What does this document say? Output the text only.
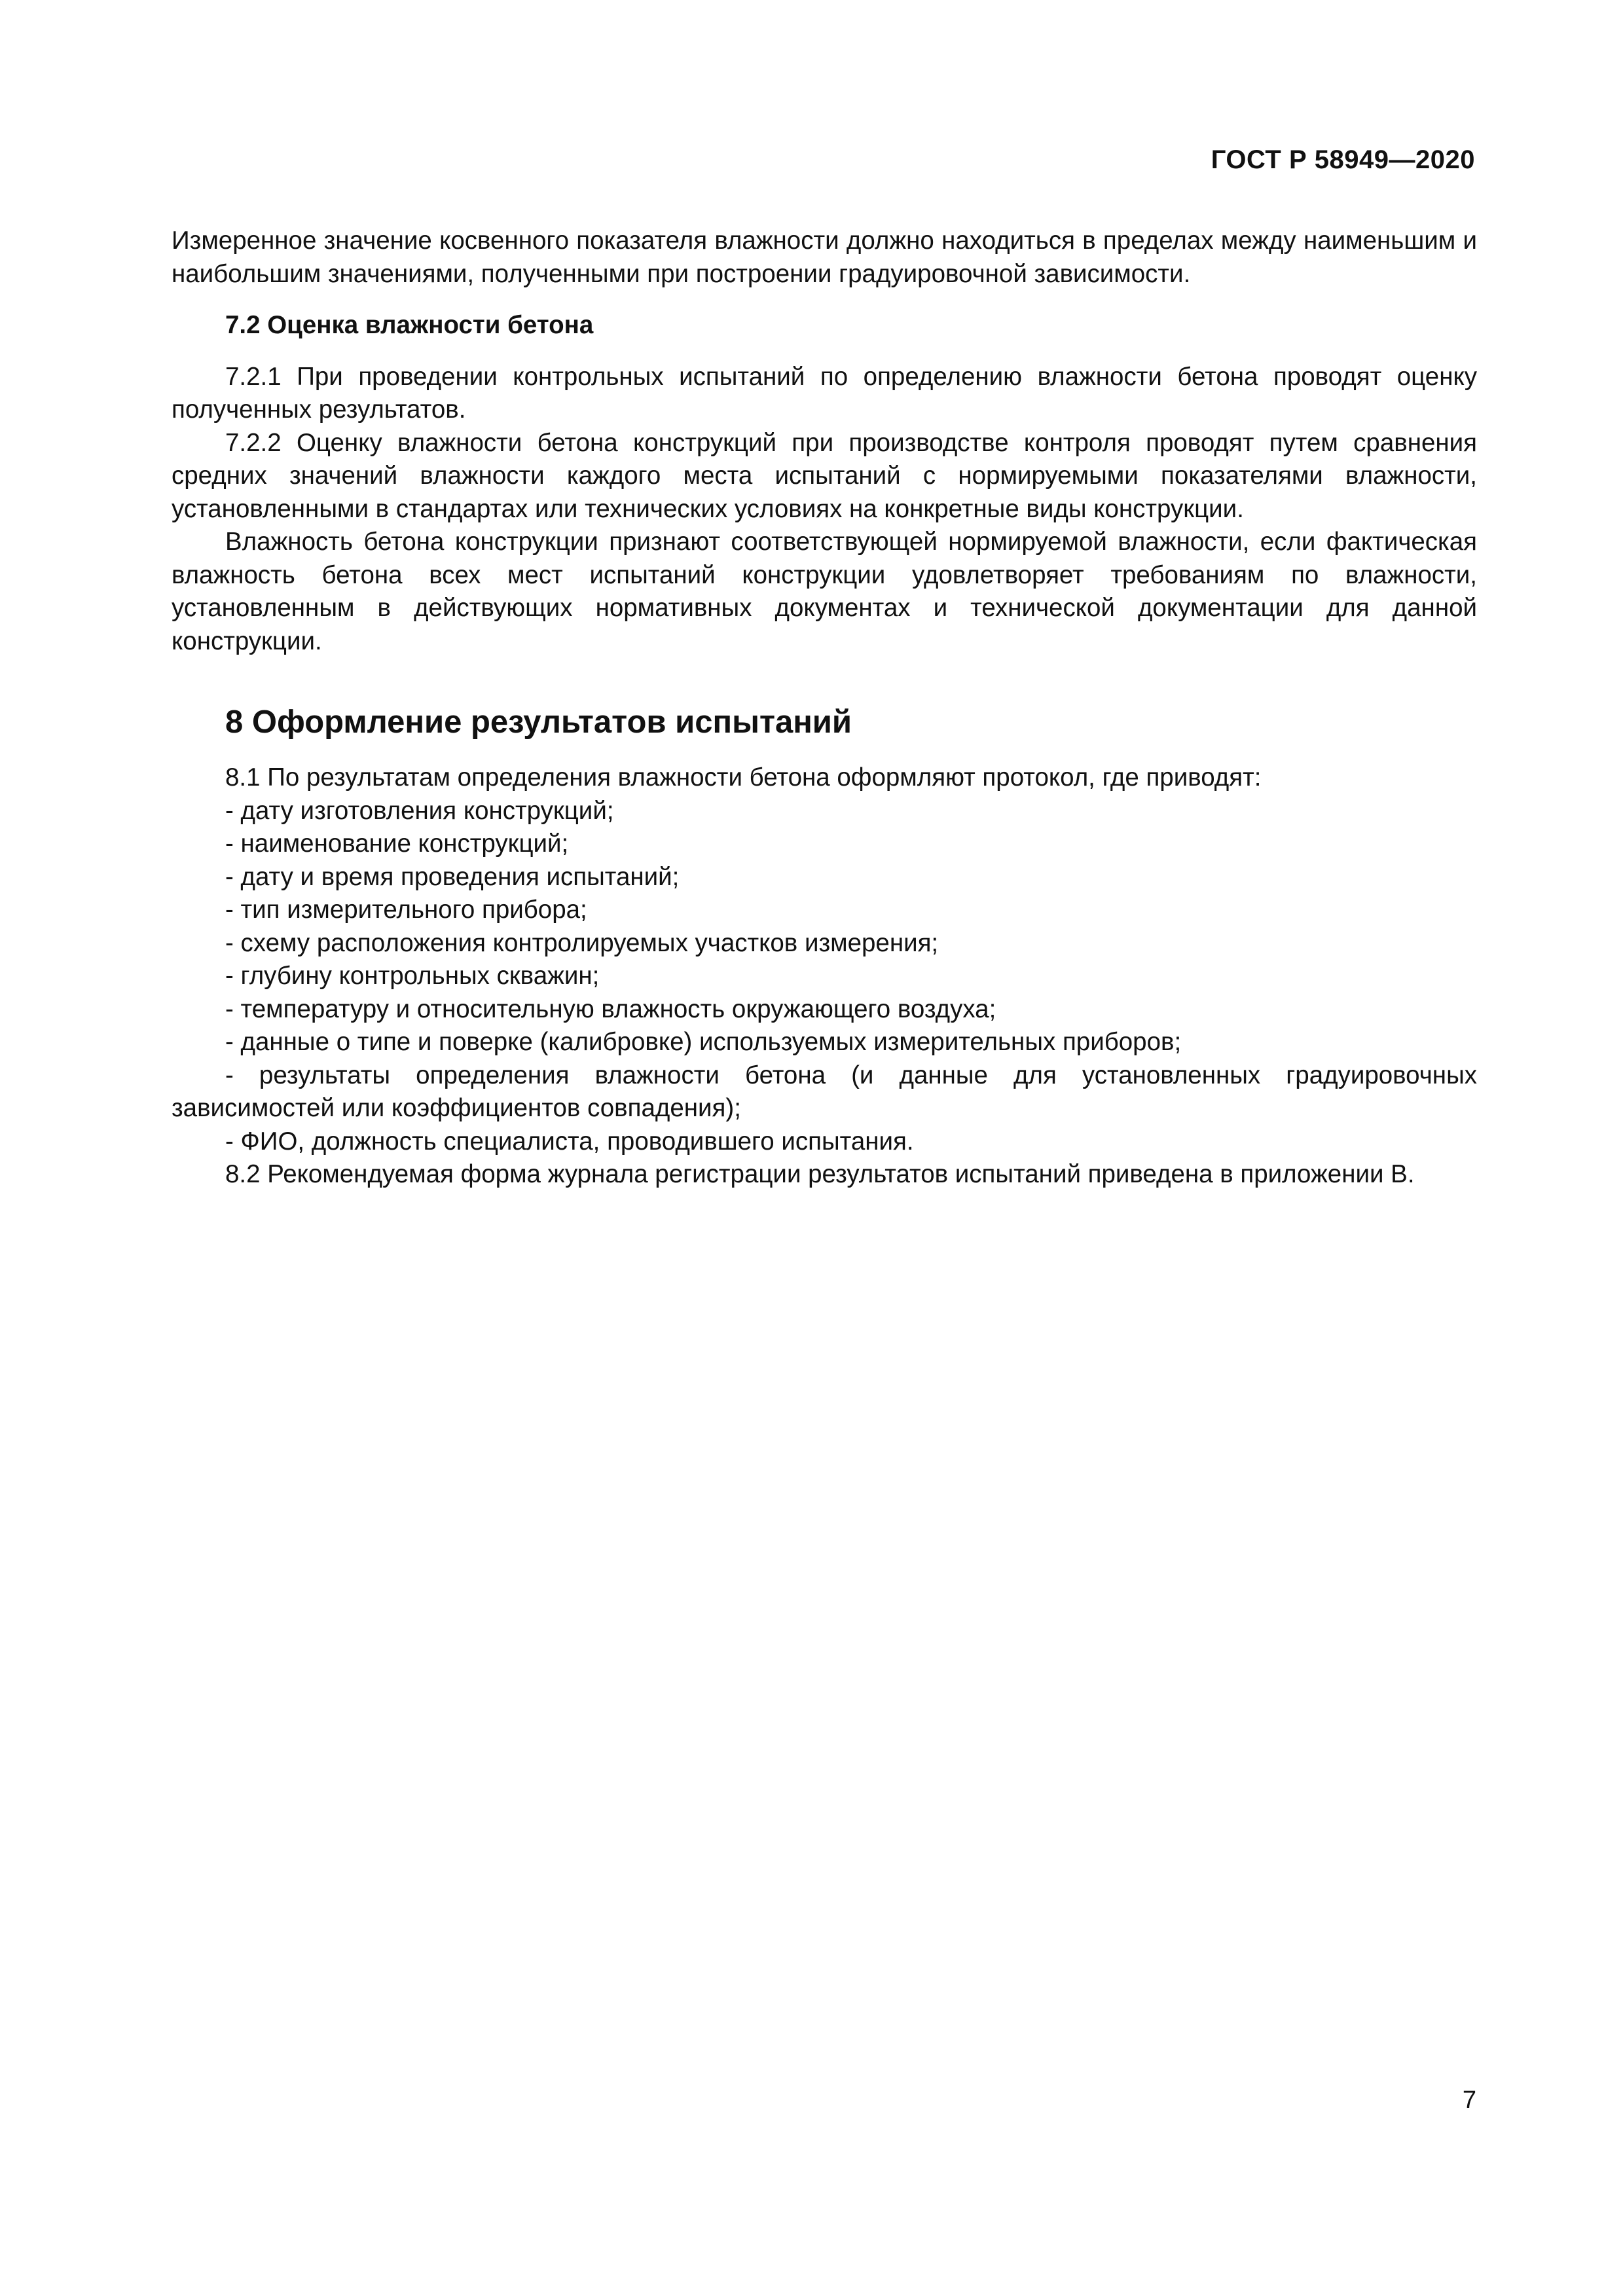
ГОСТ Р 58949—2020

Измеренное значение косвенного показателя влажности должно находиться в пределах между наименьшим и наибольшим значениями, полученными при построении градуировочной зависимости.

7.2 Оценка влажности бетона

7.2.1 При проведении контрольных испытаний по определению влажности бетона проводят оценку полученных результатов.

7.2.2 Оценку влажности бетона конструкций при производстве контроля проводят путем сравнения средних значений влажности каждого места испытаний с нормируемыми показателями влажности, установленными в стандартах или технических условиях на конкретные виды конструкции.

Влажность бетона конструкции признают соответствующей нормируемой влажности, если фактическая влажность бетона всех мест испытаний конструкции удовлетворяет требованиям по влажности, установленным в действующих нормативных документах и технической документации для данной конструкции.

8 Оформление результатов испытаний

8.1 По результатам определения влажности бетона оформляют протокол, где приводят:

- дату изготовления конструкций;

- наименование конструкций;

- дату и время проведения испытаний;

- тип измерительного прибора;

- схему расположения контролируемых участков измерения;

- глубину контрольных скважин;

- температуру и относительную влажность окружающего воздуха;

- данные о типе и поверке (калибровке) используемых измерительных приборов;

- результаты определения влажности бетона (и данные для установленных градуировочных зависимостей или коэффициентов совпадения);

- ФИО, должность специалиста, проводившего испытания.

8.2 Рекомендуемая форма журнала регистрации результатов испытаний приведена в приложении В.

7
